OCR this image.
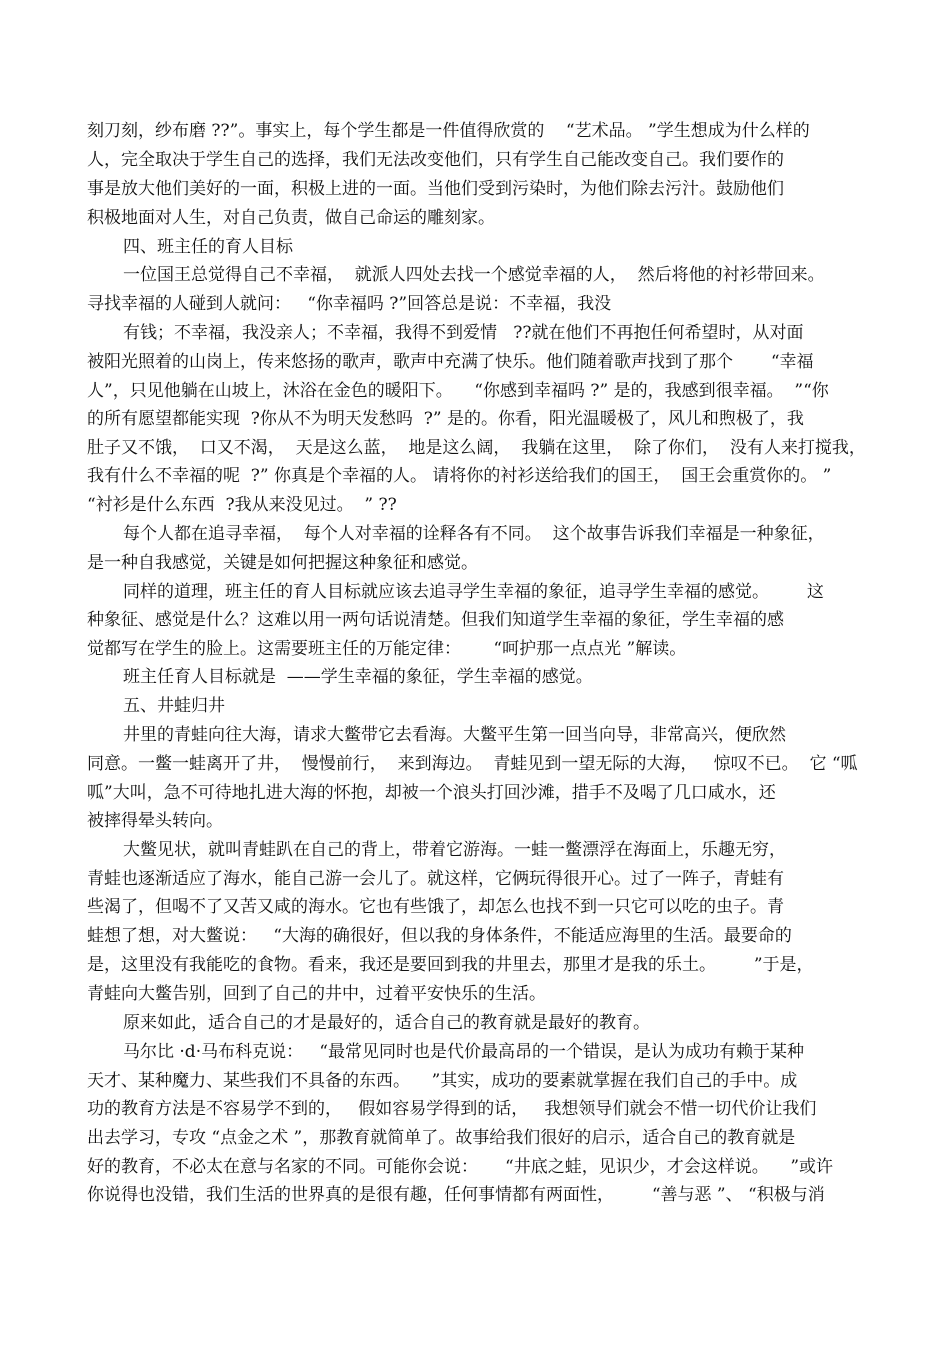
刻刀刻，纱布磨 ??”。事实上，每个学生都是一件值得欣赏的    “艺术品。 ”学生想成为什么样的
人，完全取决于学生自己的选择，我们无法改变他们，只有学生自己能改变自己。我们要作的
事是放大他们美好的一面，积极上进的一面。当他们受到污染时，为他们除去污汁。鼓励他们
积极地面对人生，对自己负责，做自己命运的雕刻家。
四、班主任的育人目标
一位国王总觉得自己不幸福，  就派人四处去找一个感觉幸福的人，  然后将他的衬衫带回来。
寻找幸福的人碰到人就问：   “你幸福吗 ?”回答总是说：不幸福，我没
有钱；不幸福，我没亲人；不幸福，我得不到爱情   ??就在他们不再抱任何希望时，从对面
被阳光照着的山岗上，传来悠扬的歌声，歌声中充满了快乐。他们随着歌声找到了那个       “幸福
人”，只见他躺在山坡上，沐浴在金色的暖阳下。    “你感到幸福吗 ?” 是的，我感到很幸福。  ”“你
的所有愿望都能实现  ?你从不为明天发愁吗  ?” 是的。你看，阳光温暖极了，风儿和煦极了，我
肚子又不饿，  口又不渴，  天是这么蓝，  地是这么阔，  我躺在这里，  除了你们，  没有人来打搅我，
我有什么不幸福的呢  ?” 你真是个幸福的人。 请将你的衬衫送给我们的国王，  国王会重赏你的。 ”
“衬衫是什么东西  ?我从来没见过。  ” ??
每个人都在追寻幸福，  每个人对幸福的诠释各有不同。  这个故事告诉我们幸福是一种象征，
是一种自我感觉，关键是如何把握这种象征和感觉。
同样的道理，班主任的育人目标就应该去追寻学生幸福的象征，追寻学生幸福的感觉。       这
种象征、感觉是什么？这难以用一两句话说清楚。但我们知道学生幸福的象征，学生幸福的感
觉都写在学生的脸上。这需要班主任的万能定律：      “呵护那一点点光 ”解读。
班主任育人目标就是  ——学生幸福的象征，学生幸福的感觉。
五、井蛙归井
井里的青蛙向往大海，请求大鳖带它去看海。大鳖平生第一回当向导，非常高兴，便欣然
同意。一鳖一蛙离开了井，  慢慢前行，  来到海边。  青蛙见到一望无际的大海，   惊叹不已。  它 “呱
呱”大叫，急不可待地扎进大海的怀抱，却被一个浪头打回沙滩，措手不及喝了几口咸水，还
被摔得晕头转向。
大鳖见状，就叫青蛙趴在自己的背上，带着它游海。一蛙一鳖漂浮在海面上，乐趣无穷，
青蛙也逐渐适应了海水，能自己游一会儿了。就这样，它俩玩得很开心。过了一阵子，青蛙有
些渴了，但喝不了又苦又咸的海水。它也有些饿了，却怎么也找不到一只它可以吃的虫子。青
蛙想了想，对大鳖说：   “大海的确很好，但以我的身体条件，不能适应海里的生活。最要命的
是，这里没有我能吃的食物。看来，我还是要回到我的井里去，那里才是我的乐土。       ”于是，
青蛙向大鳖告别，回到了自己的井中，过着平安快乐的生活。
原来如此，适合自己的才是最好的，适合自己的教育就是最好的教育。
马尔比 ·d·马布科克说：   “最常见同时也是代价最高昂的一个错误，是认为成功有赖于某种
天才、某种魔力、某些我们不具备的东西。    ”其实，成功的要素就掌握在我们自己的手中。成
功的教育方法是不容易学不到的，   假如容易学得到的话，   我想领导们就会不惜一切代价让我们
出去学习，专攻 “点金之术 ”，那教育就简单了。故事给我们很好的启示，适合自己的教育就是
好的教育，不必太在意与名家的不同。可能你会说：     “井底之蛙，见识少，才会这样说。    ”或许
你说得也没错，我们生活的世界真的是很有趣，任何事情都有两面性，       “善与恶 ”、 “积极与消
